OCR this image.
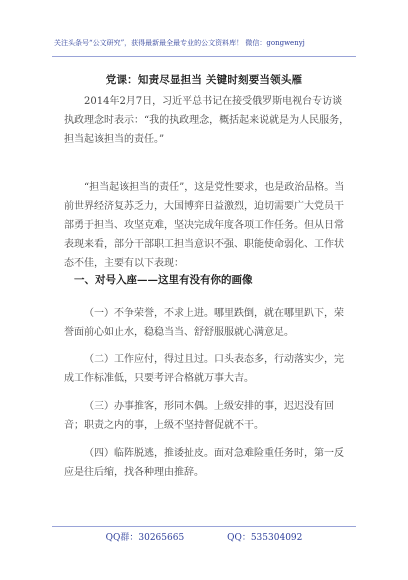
关注头条号“公文研究”，获得最新最全最专业的公文资料库！ 微信：gongwenyj
党课：知责尽显担当 关键时刻要当领头雁
2014年2月7日，习近平总书记在接受俄罗斯电视台专访谈执政理念时表示：“我的执政理念，概括起来说就是为人民服务，担当起该担当的责任。”
“担当起该担当的责任”，这是党性要求，也是政治品格。当前世界经济复苏乏力，大国博弈日益激烈，迫切需要广大党员干部勇于担当、攻坚克难，坚决完成年度各项工作任务。但从日常表现来看，部分干部职工担当意识不强、职能使命弱化、工作状态不佳，主要有以下表现：
一、对号入座——这里有没有你的画像
（一）不争荣誉，不求上进。哪里跌倒，就在哪里趴下，荣誉面前心如止水，稳稳当当、舒舒服服就心满意足。
（二）工作应付，得过且过。口头表态多，行动落实少，完成工作标准低，只要考评合格就万事大吉。
（三）办事推客，形同木偶。上级安排的事，迟迟没有回音；职责之内的事，上级不坚持督促就不干。
（四）临阵脱逃，推诿扯皮。面对急难险重任务时，第一反应是往后缩，找各种理由推辞。
QQ群：30265665	QQ：535304092
